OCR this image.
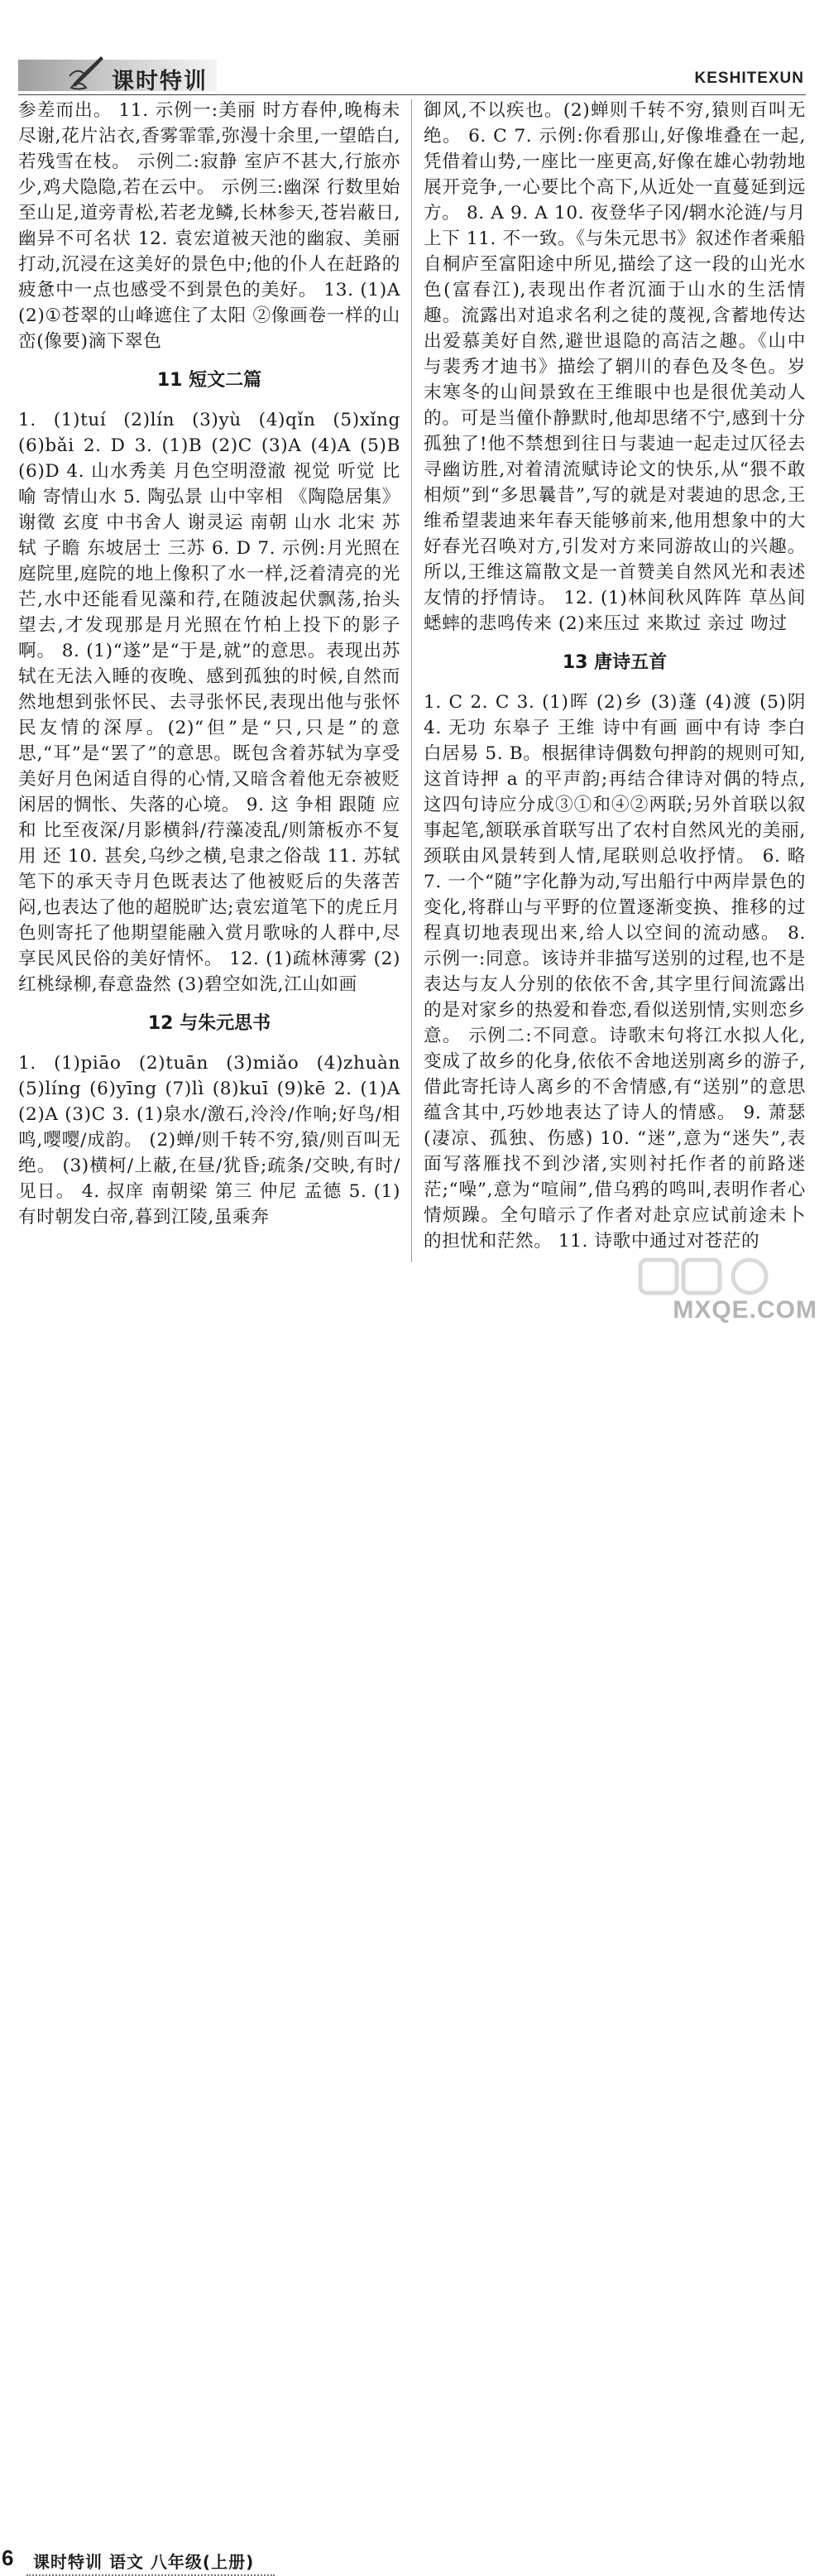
课时特训	KESHITEXUN

参差而出。 11. 示例一:美丽 时方春仲,晚梅未尽谢,花片沾衣,香雾霏霏,弥漫十余里,一望皓白,若残雪在枝。 示例二:寂静 室庐不甚大,行旅亦少,鸡犬隐隐,若在云中。 示例三:幽深 行数里始至山足,道旁青松,若老龙鳞,长林参天,苍岩蔽日,幽异不可名状 12. 袁宏道被天池的幽寂、美丽打动,沉浸在这美好的景色中;他的仆人在赶路的疲惫中一点也感受不到景色的美好。 13. (1)A (2)①苍翠的山峰遮住了太阳 ②像画卷一样的山峦(像要)滴下翠色

11 短文二篇

1. (1)tuí (2)lín (3)yù (4)qǐn (5)xǐng (6)bǎi 2. D 3. (1)B (2)C (3)A (4)A (5)B (6)D 4. 山水秀美 月色空明澄澈 视觉 听觉 比喻 寄情山水 5. 陶弘景 山中宰相 《陶隐居集》 谢徵 玄度 中书舍人 谢灵运 南朝 山水 北宋 苏轼 子瞻 东坡居士 三苏 6. D 7. 示例:月光照在庭院里,庭院的地上像积了水一样,泛着清亮的光芒,水中还能看见藻和荇,在随波起伏飘荡,抬头望去,才发现那是月光照在竹柏上投下的影子啊。 8. (1)“遂”是“于是,就”的意思。表现出苏轼在无法入睡的夜晚、感到孤独的时候,自然而然地想到张怀民、去寻张怀民,表现出他与张怀民友情的深厚。(2)“但”是“只,只是”的意思,“耳”是“罢了”的意思。既包含着苏轼为享受美好月色闲适自得的心情,又暗含着他无奈被贬闲居的惆怅、失落的心境。 9. 这 争相 跟随 应和 比至夜深/月影横斜/荇藻凌乱/则箫板亦不复用 还 10. 甚矣,乌纱之横,皂隶之俗哉 11. 苏轼笔下的承天寺月色既表达了他被贬后的失落苦闷,也表达了他的超脱旷达;袁宏道笔下的虎丘月色则寄托了他期望能融入赏月歌咏的人群中,尽享民风民俗的美好情怀。 12. (1)疏林薄雾 (2)红桃绿柳,春意盎然 (3)碧空如洗,江山如画

12 与朱元思书

1. (1)piāo (2)tuān (3)miǎo (4)zhuàn (5)líng (6)yīng (7)lì (8)kuī (9)kē 2. (1)A (2)A (3)C 3. (1)泉水/激石,泠泠/作响;好鸟/相鸣,嘤嘤/成韵。 (2)蝉/则千转不穷,猿/则百叫无绝。 (3)横柯/上蔽,在昼/犹昏;疏条/交映,有时/见日。 4. 叔庠 南朝梁 第三 仲尼 孟德 5. (1)有时朝发白帝,暮到江陵,虽乘奔

御风,不以疾也。(2)蝉则千转不穷,猿则百叫无绝。 6. C 7. 示例:你看那山,好像堆叠在一起,凭借着山势,一座比一座更高,好像在雄心勃勃地展开竞争,一心要比个高下,从近处一直蔓延到远方。 8. A 9. A 10. 夜登华子冈/辋水沦涟/与月上下 11. 不一致。《与朱元思书》叙述作者乘船自桐庐至富阳途中所见,描绘了这一段的山光水色(富春江),表现出作者沉湎于山水的生活情趣。流露出对追求名利之徒的蔑视,含蓄地传达出爱慕美好自然,避世退隐的高洁之趣。《山中与裴秀才迪书》描绘了辋川的春色及冬色。岁末寒冬的山间景致在王维眼中也是很优美动人的。可是当僮仆静默时,他却思绪不宁,感到十分孤独了!他不禁想到往日与裴迪一起走过仄径去寻幽访胜,对着清流赋诗论文的快乐,从“猥不敢相烦”到“多思曩昔”,写的就是对裴迪的思念,王维希望裴迪来年春天能够前来,他用想象中的大好春光召唤对方,引发对方来同游故山的兴趣。所以,王维这篇散文是一首赞美自然风光和表述友情的抒情诗。 12. (1)林间秋风阵阵 草丛间蟋蟀的悲鸣传来 (2)来压过 来欺过 亲过 吻过

13 唐诗五首

1. C 2. C 3. (1)晖 (2)乡 (3)蓬 (4)渡 (5)阴 4. 无功 东皋子 王维 诗中有画 画中有诗 李白 白居易 5. B。根据律诗偶数句押韵的规则可知,这首诗押 a 的平声韵;再结合律诗对偶的特点,这四句诗应分成③①和④②两联;另外首联以叙事起笔,颔联承首联写出了农村自然风光的美丽,颈联由风景转到人情,尾联则总收抒情。 6. 略 7. 一个“随”字化静为动,写出船行中两岸景色的变化,将群山与平野的位置逐渐变换、推移的过程真切地表现出来,给人以空间的流动感。 8. 示例一:同意。该诗并非描写送别的过程,也不是表达与友人分别的依依不舍,其字里行间流露出的是对家乡的热爱和眷恋,看似送别情,实则恋乡意。 示例二:不同意。诗歌末句将江水拟人化,变成了故乡的化身,依依不舍地送别离乡的游子,借此寄托诗人离乡的不舍情感,有“送别”的意思蕴含其中,巧妙地表达了诗人的情感。 9. 萧瑟(凄凉、孤独、伤感) 10. “迷”,意为“迷失”,表面写落雁找不到沙渚,实则衬托作者的前路迷茫;“噪”,意为“喧闹”,借乌鸦的鸣叫,表明作者心情烦躁。全句暗示了作者对赴京应试前途未卜的担忧和茫然。 11. 诗歌中通过对苍茫的

6 课时特训 语文 八年级(上册)
MXQE.COM
